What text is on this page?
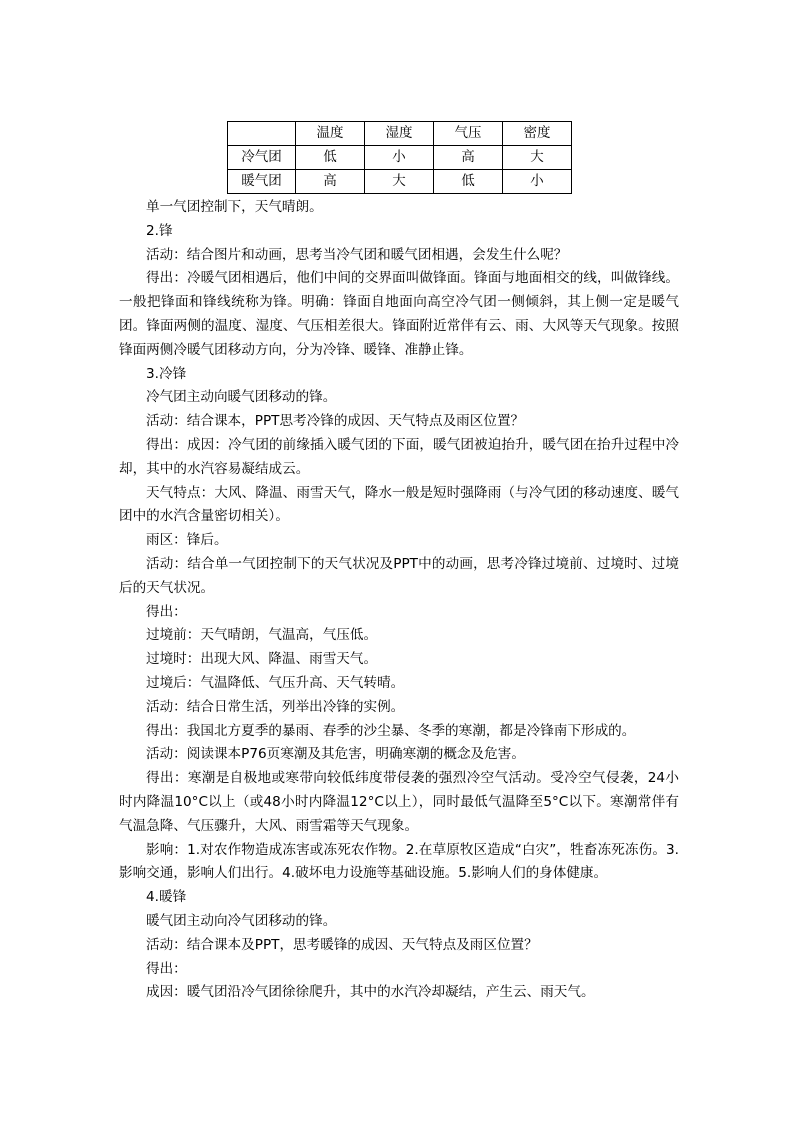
	温度	湿度	气压	密度
冷气团	低	小	高	大
暖气团	高	大	低	小

单一气团控制下，天气晴朗。

2.锋

活动：结合图片和动画，思考当冷气团和暖气团相遇，会发生什么呢？

得出：冷暖气团相遇后，他们中间的交界面叫做锋面。锋面与地面相交的线，叫做锋线。一般把锋面和锋线统称为锋。明确：锋面自地面向高空冷气团一侧倾斜，其上侧一定是暖气团。锋面两侧的温度、湿度、气压相差很大。锋面附近常伴有云、雨、大风等天气现象。按照锋面两侧冷暖气团移动方向，分为冷锋、暖锋、准静止锋。

3.冷锋

冷气团主动向暖气团移动的锋。

活动：结合课本，PPT思考冷锋的成因、天气特点及雨区位置？

得出：成因：冷气团的前缘插入暖气团的下面，暖气团被迫抬升，暖气团在抬升过程中冷却，其中的水汽容易凝结成云。

天气特点：大风、降温、雨雪天气，降水一般是短时强降雨（与冷气团的移动速度、暖气团中的水汽含量密切相关）。

雨区：锋后。

活动：结合单一气团控制下的天气状况及PPT中的动画，思考冷锋过境前、过境时、过境后的天气状况。

得出：

过境前：天气晴朗，气温高，气压低。

过境时：出现大风、降温、雨雪天气。

过境后：气温降低、气压升高、天气转晴。

活动：结合日常生活，列举出冷锋的实例。

得出：我国北方夏季的暴雨、春季的沙尘暴、冬季的寒潮，都是冷锋南下形成的。

活动：阅读课本P76页寒潮及其危害，明确寒潮的概念及危害。

得出：寒潮是自极地或寒带向较低纬度带侵袭的强烈冷空气活动。受冷空气侵袭，24小时内降温10°C以上（或48小时内降温12°C以上），同时最低气温降至5°C以下。寒潮常伴有气温急降、气压骤升，大风、雨雪霜等天气现象。

影响：1.对农作物造成冻害或冻死农作物。2.在草原牧区造成“白灾”，牲畜冻死冻伤。3.影响交通，影响人们出行。4.破坏电力设施等基础设施。5.影响人们的身体健康。

4.暖锋

暖气团主动向冷气团移动的锋。

活动：结合课本及PPT，思考暖锋的成因、天气特点及雨区位置？

得出：

成因：暖气团沿冷气团徐徐爬升，其中的水汽冷却凝结，产生云、雨天气。
